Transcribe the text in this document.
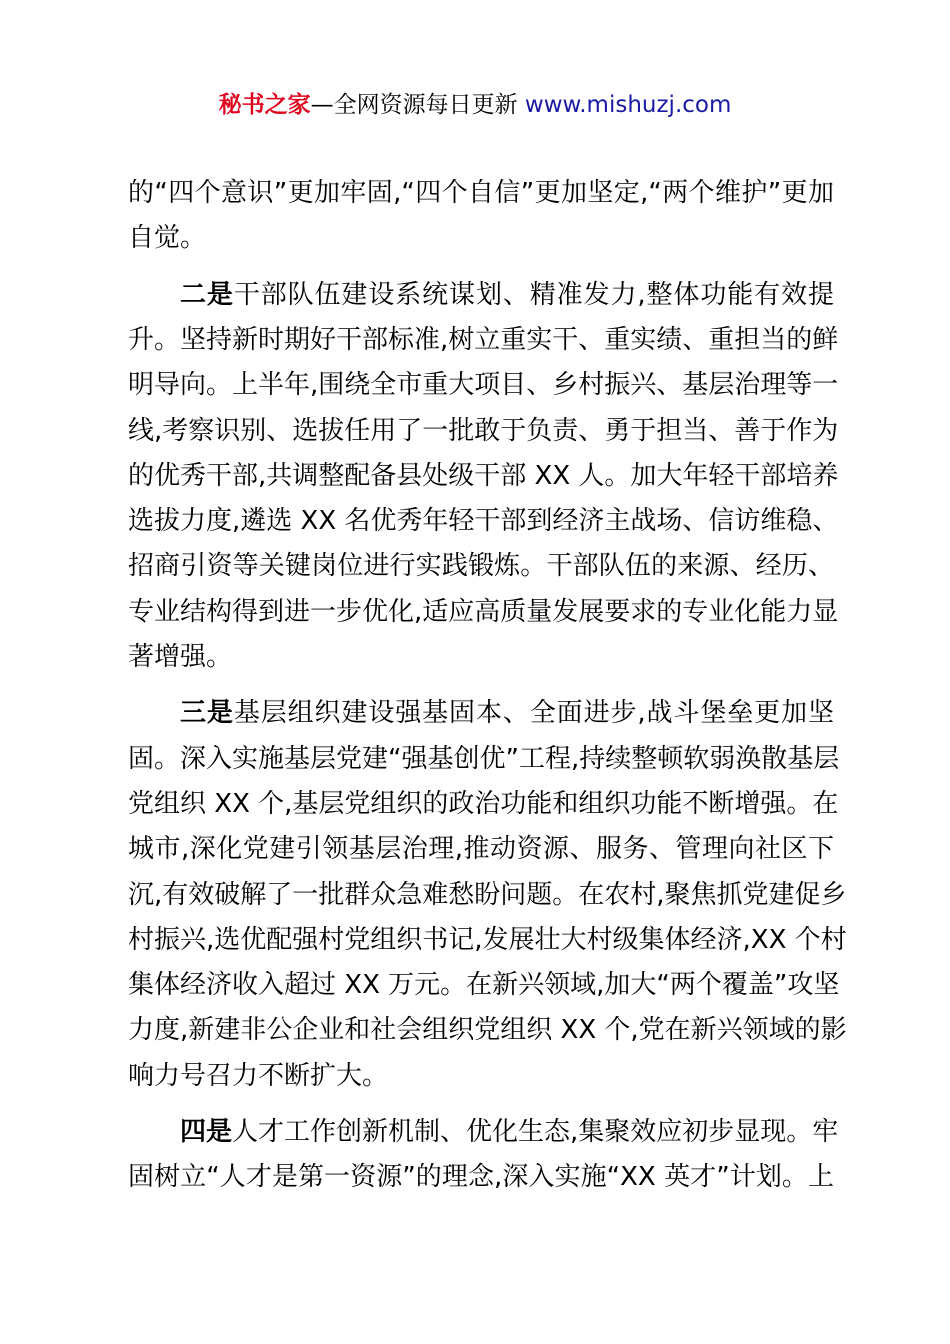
秘书之家—全网资源每日更新 www.mishuzj.com
的“四个意识”更加牢固,“四个自信”更加坚定,“两个维护”更加
自觉。
二是干部队伍建设系统谋划、精准发力,整体功能有效提
升。坚持新时期好干部标准,树立重实干、重实绩、重担当的鲜
明导向。上半年,围绕全市重大项目、乡村振兴、基层治理等一
线,考察识别、选拔任用了一批敢于负责、勇于担当、善于作为
的优秀干部,共调整配备县处级干部 XX 人。加大年轻干部培养
选拔力度,遴选 XX 名优秀年轻干部到经济主战场、信访维稳、
招商引资等关键岗位进行实践锻炼。干部队伍的来源、经历、
专业结构得到进一步优化,适应高质量发展要求的专业化能力显
著增强。
三是基层组织建设强基固本、全面进步,战斗堡垒更加坚
固。深入实施基层党建“强基创优”工程,持续整顿软弱涣散基层
党组织 XX 个,基层党组织的政治功能和组织功能不断增强。在
城市,深化党建引领基层治理,推动资源、服务、管理向社区下
沉,有效破解了一批群众急难愁盼问题。在农村,聚焦抓党建促乡
村振兴,选优配强村党组织书记,发展壮大村级集体经济,XX 个村
集体经济收入超过 XX 万元。在新兴领域,加大“两个覆盖”攻坚
力度,新建非公企业和社会组织党组织 XX 个,党在新兴领域的影
响力号召力不断扩大。
四是人才工作创新机制、优化生态,集聚效应初步显现。牢
固树立“人才是第一资源”的理念,深入实施“XX 英才”计划。上
